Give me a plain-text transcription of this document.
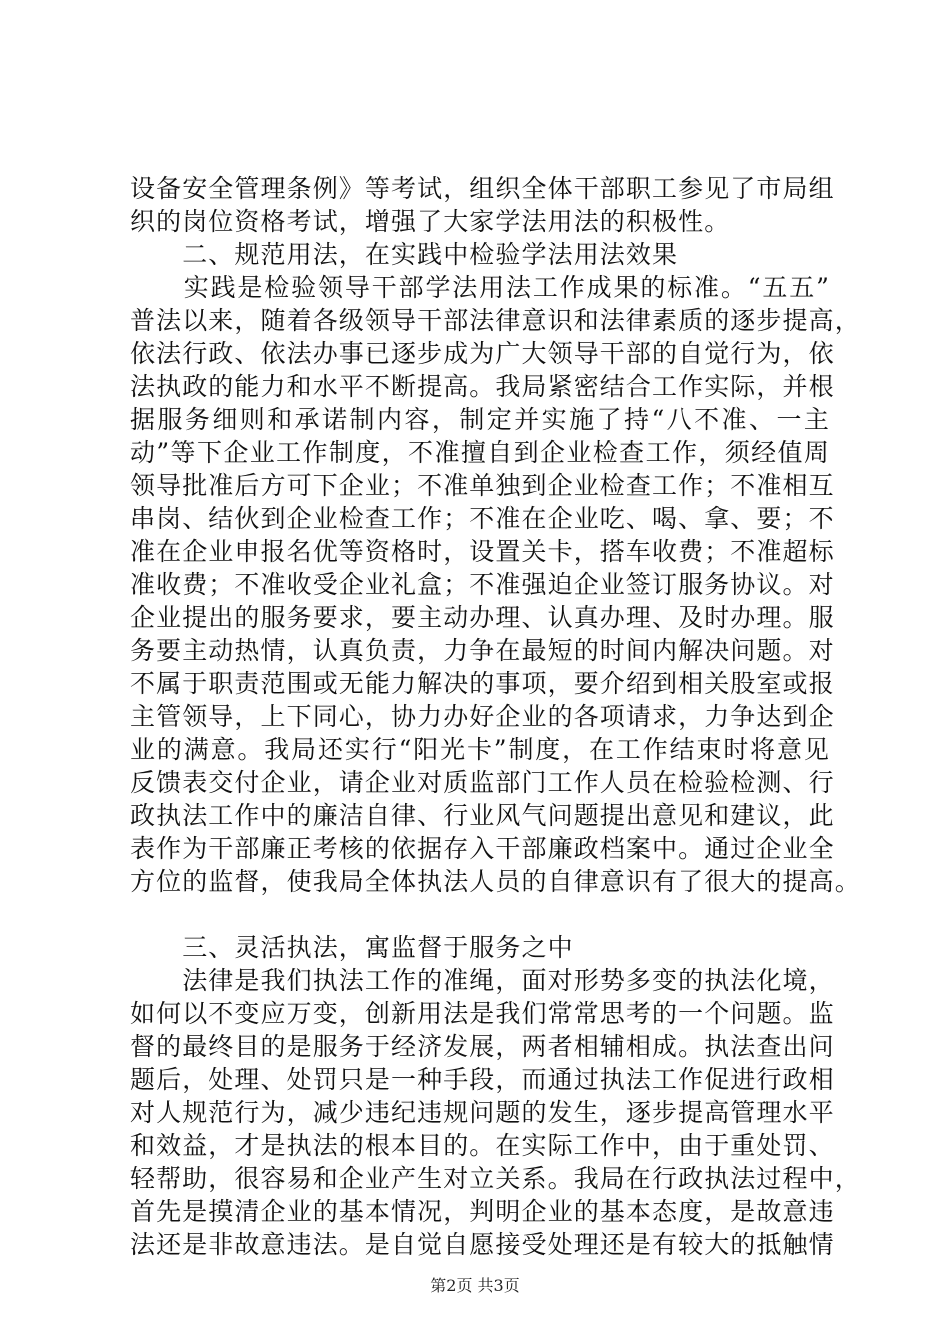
设备安全管理条例》等考试，组织全体干部职工参见了市局组
织的岗位资格考试，增强了大家学法用法的积极性。
　　二、规范用法，在实践中检验学法用法效果
　　实践是检验领导干部学法用法工作成果的标准。“五五”
普法以来，随着各级领导干部法律意识和法律素质的逐步提高，
依法行政、依法办事已逐步成为广大领导干部的自觉行为，依
法执政的能力和水平不断提高。我局紧密结合工作实际，并根
据服务细则和承诺制内容，制定并实施了持“八不准、一主
动”等下企业工作制度，不准擅自到企业检查工作，须经值周
领导批准后方可下企业；不准单独到企业检查工作；不准相互
串岗、结伙到企业检查工作；不准在企业吃、喝、拿、要；不
准在企业申报名优等资格时，设置关卡，搭车收费；不准超标
准收费；不准收受企业礼盒；不准强迫企业签订服务协议。对
企业提出的服务要求，要主动办理、认真办理、及时办理。服
务要主动热情，认真负责，力争在最短的时间内解决问题。对
不属于职责范围或无能力解决的事项，要介绍到相关股室或报
主管领导，上下同心，协力办好企业的各项请求，力争达到企
业的满意。我局还实行“阳光卡”制度，在工作结束时将意见
反馈表交付企业，请企业对质监部门工作人员在检验检测、行
政执法工作中的廉洁自律、行业风气问题提出意见和建议，此
表作为干部廉正考核的依据存入干部廉政档案中。通过企业全
方位的监督，使我局全体执法人员的自律意识有了很大的提高。
　　三、灵活执法，寓监督于服务之中
　　法律是我们执法工作的准绳，面对形势多变的执法化境，
如何以不变应万变，创新用法是我们常常思考的一个问题。监
督的最终目的是服务于经济发展，两者相辅相成。执法查出问
题后，处理、处罚只是一种手段，而通过执法工作促进行政相
对人规范行为，减少违纪违规问题的发生，逐步提高管理水平
和效益，才是执法的根本目的。在实际工作中，由于重处罚、
轻帮助，很容易和企业产生对立关系。我局在行政执法过程中，
首先是摸清企业的基本情况，判明企业的基本态度，是故意违
法还是非故意违法。是自觉自愿接受处理还是有较大的抵触情
第2页 共3页
